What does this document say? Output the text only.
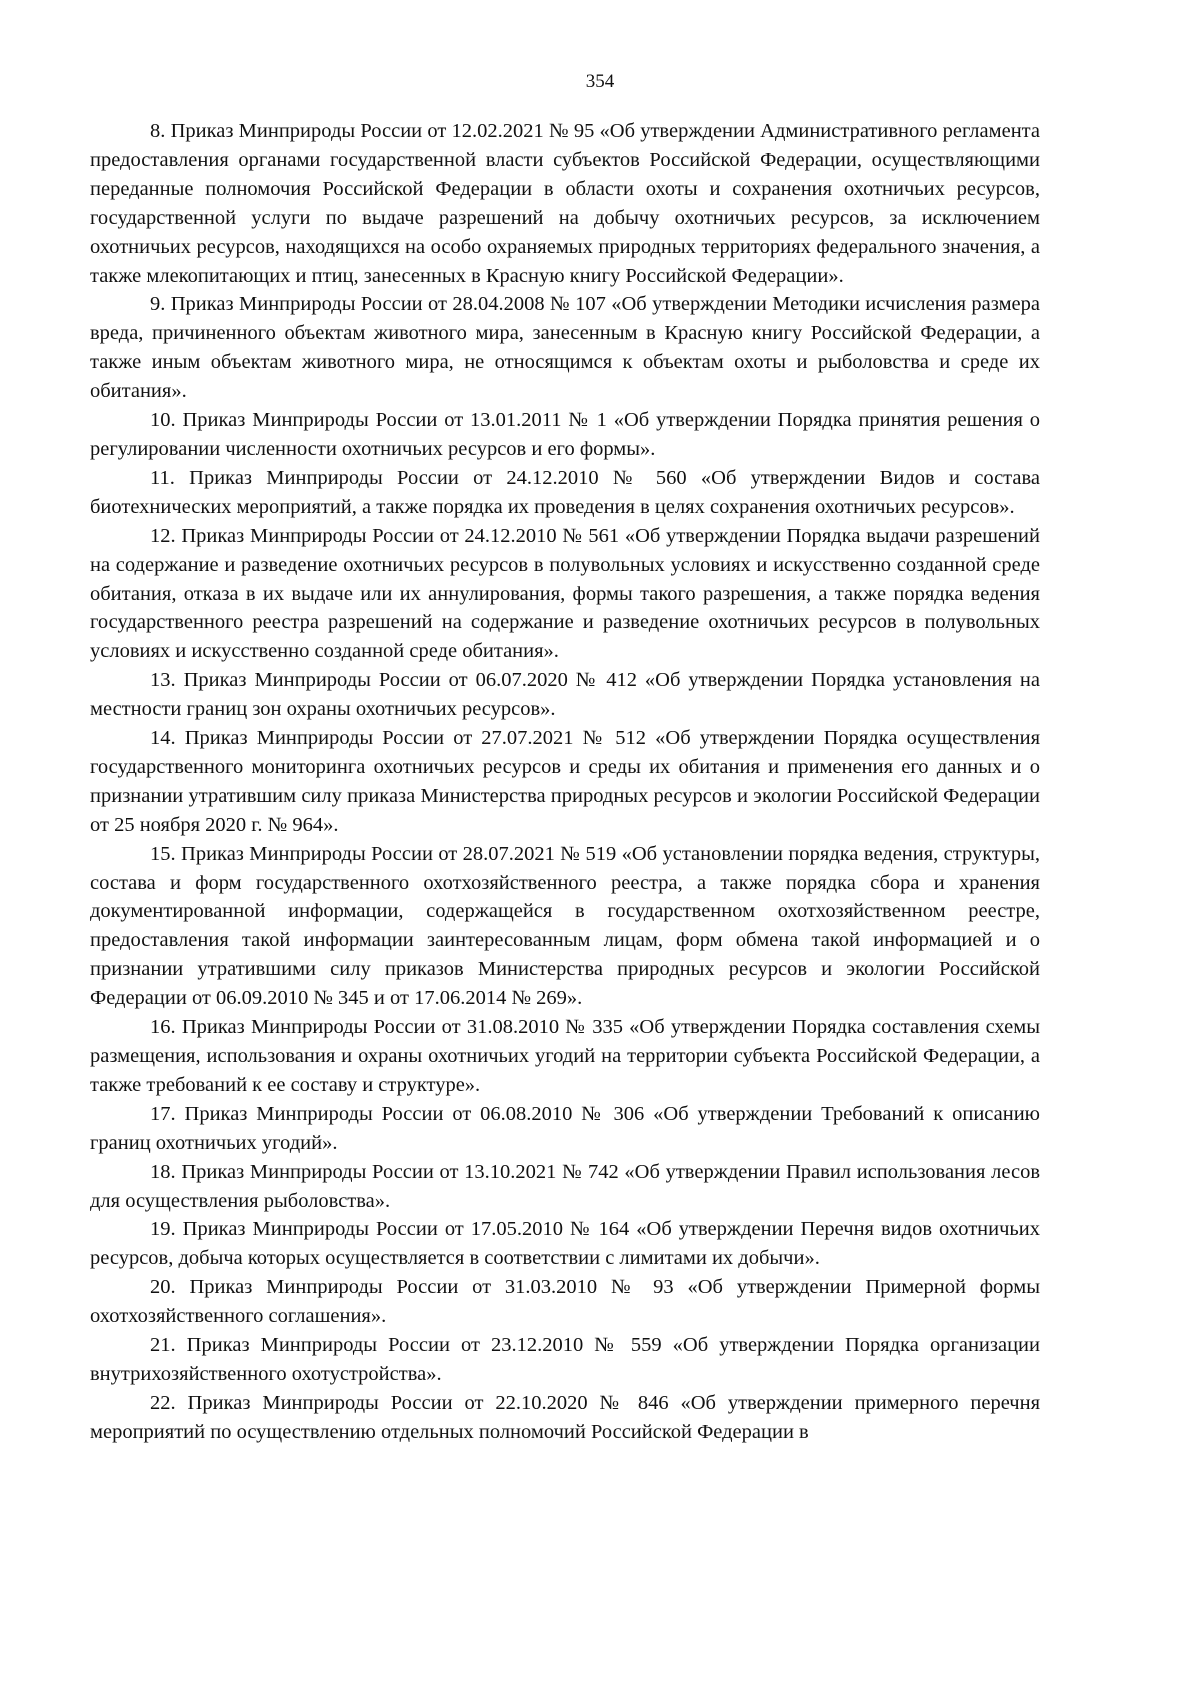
354

8. Приказ Минприроды России от 12.02.2021 № 95 «Об утверждении Административного регламента предоставления органами государственной власти субъектов Российской Федерации, осуществляющими переданные полномочия Российской Федерации в области охоты и сохранения охотничьих ресурсов, государственной услуги по выдаче разрешений на добычу охотничьих ресурсов, за исключением охотничьих ресурсов, находящихся на особо охраняемых природных территориях федерального значения, а также млекопитающих и птиц, занесенных в Красную книгу Российской Федерации».

9. Приказ Минприроды России от 28.04.2008 № 107 «Об утверждении Методики исчисления размера вреда, причиненного объектам животного мира, занесенным в Красную книгу Российской Федерации, а также иным объектам животного мира, не относящимся к объектам охоты и рыболовства и среде их обитания».

10. Приказ Минприроды России от 13.01.2011 № 1 «Об утверждении Порядка принятия решения о регулировании численности охотничьих ресурсов и его формы».

11. Приказ Минприроды России от 24.12.2010 № 560 «Об утверждении Видов и состава биотехнических мероприятий, а также порядка их проведения в целях сохранения охотничьих ресурсов».

12. Приказ Минприроды России от 24.12.2010 № 561 «Об утверждении Порядка выдачи разрешений на содержание и разведение охотничьих ресурсов в полувольных условиях и искусственно созданной среде обитания, отказа в их выдаче или их аннулирования, формы такого разрешения, а также порядка ведения государственного реестра разрешений на содержание и разведение охотничьих ресурсов в полувольных условиях и искусственно созданной среде обитания».

13. Приказ Минприроды России от 06.07.2020 № 412 «Об утверждении Порядка установления на местности границ зон охраны охотничьих ресурсов».

14. Приказ Минприроды России от 27.07.2021 № 512 «Об утверждении Порядка осуществления государственного мониторинга охотничьих ресурсов и среды их обитания и применения его данных и о признании утратившим силу приказа Министерства природных ресурсов и экологии Российской Федерации от 25 ноября 2020 г. № 964».

15. Приказ Минприроды России от 28.07.2021 № 519 «Об установлении порядка ведения, структуры, состава и форм государственного охотхозяйственного реестра, а также порядка сбора и хранения документированной информации, содержащейся в государственном охотхозяйственном реестре, предоставления такой информации заинтересованным лицам, форм обмена такой информацией и о признании утратившими силу приказов Министерства природных ресурсов и экологии Российской Федерации от 06.09.2010 № 345 и от 17.06.2014 № 269».

16. Приказ Минприроды России от 31.08.2010 № 335 «Об утверждении Порядка составления схемы размещения, использования и охраны охотничьих угодий на территории субъекта Российской Федерации, а также требований к ее составу и структуре».

17. Приказ Минприроды России от 06.08.2010 № 306 «Об утверждении Требований к описанию границ охотничьих угодий».

18. Приказ Минприроды России от 13.10.2021 № 742 «Об утверждении Правил использования лесов для осуществления рыболовства».

19. Приказ Минприроды России от 17.05.2010 № 164 «Об утверждении Перечня видов охотничьих ресурсов, добыча которых осуществляется в соответствии с лимитами их добычи».

20. Приказ Минприроды России от 31.03.2010 № 93 «Об утверждении Примерной формы охотхозяйственного соглашения».

21. Приказ Минприроды России от 23.12.2010 № 559 «Об утверждении Порядка организации внутрихозяйственного охотустройства».

22. Приказ Минприроды России от 22.10.2020 № 846 «Об утверждении примерного перечня мероприятий по осуществлению отдельных полномочий Российской Федерации в
